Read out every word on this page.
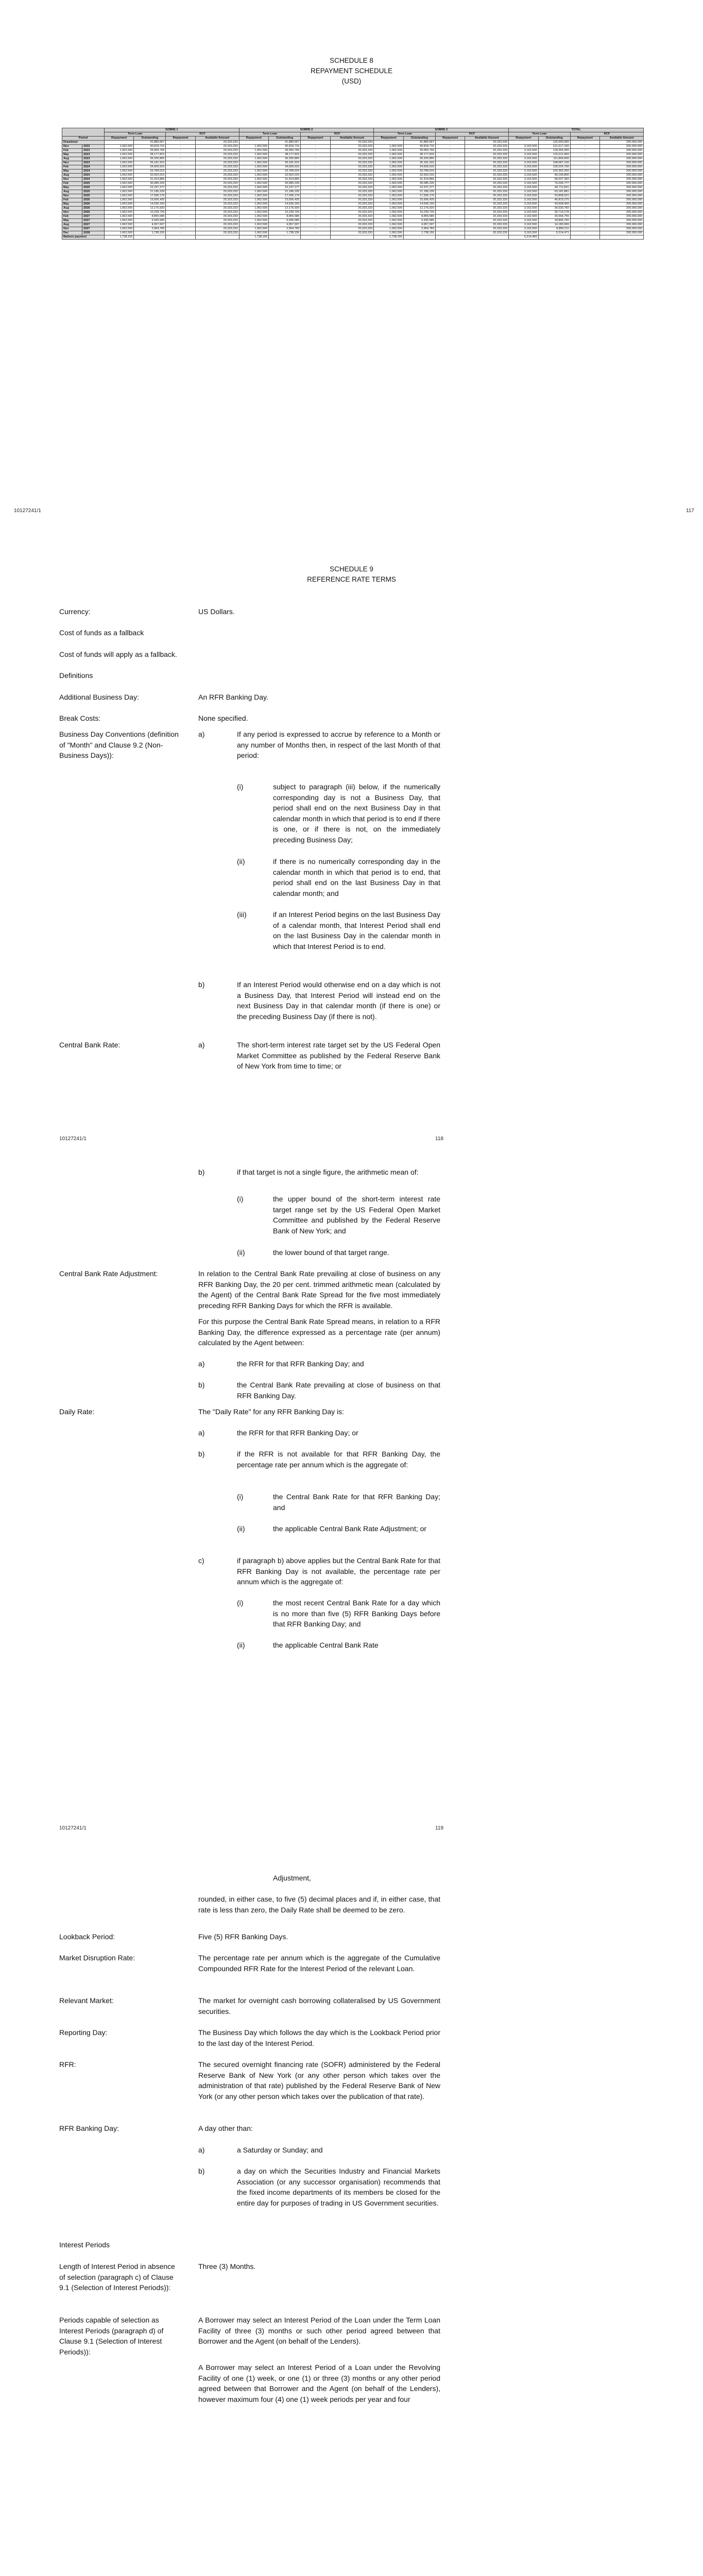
SCHEDULE 8
REPAYMENT SCHEDULE
(USD)
		SOBRE 1				SOBRE 2				SOBRE 3				TOTAL			
		Term Loan		RCF		Term Loan		RCF		Term Loan		RCF		Term Loan		RCF	
Period		Repayment	Outstanding	Repayment	Available Amount	Repayment	Outstanding	Repayment	Available Amount	Repayment	Outstanding	Repayment	Available Amount	Repayment	Outstanding	Repayment	Available Amount
Drawdown			41,880,667	-	20,333,333		41,880,667	-	20,333,333		41,880,667	-	20,333,333		125,000,000	-	200,000,000
Nov	2022	1,062,500	40,818,716	-	20,333,333	1,062,500	40,818,716	-	20,333,333	1,062,500	40,818,716	-	20,333,333	3,162,500	121,517,150	-	200,000,000
Feb	2023	1,062,500	39,956,766	-	20,333,333	1,062,500	39,956,766	-	20,333,333	1,062,500	39,956,766	-	20,333,333	3,162,500	118,355,300	-	200,000,000
May	2023	1,062,500	38,177,815	-	20,333,333	1,062,500	38,177,815	-	20,333,333	1,062,500	38,177,815	-	20,333,333	3,162,500	115,012,450	-	200,000,000
Aug	2023	1,062,500	36,326,865	-	20,333,333	1,062,500	36,326,865	-	20,333,333	1,062,500	36,326,865	-	20,333,333	3,162,500	111,849,600	-	200,000,000
Nov	2023	1,062,500	35,181,915	-	20,333,333	1,062,500	35,181,915	-	20,333,333	1,062,500	35,181,915	-	20,333,333	3,162,500	108,687,150	-	200,000,000
Feb	2024	1,062,500	34,609,915	-	20,333,333	1,062,500	34,609,915	-	20,333,333	1,062,500	34,609,915	-	20,333,333	3,162,500	105,524,700	-	200,000,000
May	2024	1,062,500	33,789,015	-	20,333,333	1,062,500	33,789,015	-	20,333,333	1,062,500	33,789,015	-	20,333,333	3,162,500	102,362,250	-	200,000,000
Aug	2024	1,062,500	32,502,015	-	20,333,333	1,062,500	32,502,015	-	20,333,333	1,062,500	32,502,015	-	20,333,333	3,162,500	99,199,800	-	200,000,000
Nov	2024	1,062,500	31,414,865	-	20,333,333	1,062,500	31,414,865	-	20,333,333	1,062,500	31,414,865	-	20,333,333	3,162,500	96,037,350	-	200,000,000
Feb	2025	1,062,500	30,085,226	-	20,333,333	1,062,500	30,085,226	-	20,333,333	1,062,500	30,085,226	-	20,333,333	3,162,500	79,245,777	-	200,000,000
May	2025	1,062,500	22,237,277	-	20,333,333	1,062,500	22,237,277	-	20,333,333	1,062,500	22,237,277	-	20,333,333	3,162,500	66,711,831	-	200,000,000
Aug	2025	1,062,500	21,186,226	-	20,333,333	1,062,500	21,186,226	-	20,333,333	1,062,500	21,186,226	-	20,333,333	3,162,500	63,181,881	-	200,000,000
Nov	2025	1,062,500	17,936,176	-	20,333,333	1,062,500	17,936,176	-	20,333,333	1,062,500	17,936,176	-	20,333,333	3,162,500	53,808,531	-	200,000,000
Feb	2026	1,062,500	15,606,425	-	20,333,333	1,062,500	15,606,425	-	20,333,333	1,062,500	15,606,425	-	20,333,333	3,162,500	46,819,275	-	200,000,000
May	2026	1,062,500	14,536,150	-	20,333,333	1,062,500	14,536,150	-	20,333,333	1,062,500	14,536,150	-	20,333,333	3,162,500	43,608,450	-	200,000,000
Aug	2026	1,062,500	12,176,920	-	20,333,333	1,062,500	12,176,920	-	20,333,333	1,062,500	12,176,920	-	20,333,333	3,162,500	36,530,760	-	200,000,000
Nov	2026	1,062,500	10,239,726	-	20,333,333	1,062,500	10,239,726	-	20,333,333	1,062,500	10,239,726	-	20,333,333	3,162,500	30,719,178	-	200,000,000
Feb	2027	1,062,500	8,855,585	-	20,333,333	1,062,500	8,855,585	-	20,333,333	1,062,500	8,855,585	-	20,333,333	3,162,500	26,566,755	-	200,000,000
May	2027	1,062,500	6,935,585	-	20,333,333	1,062,500	6,935,585	-	20,333,333	1,062,500	6,935,585	-	20,333,333	3,162,500	18,806,755	-	200,000,000
Aug	2027	1,062,500	4,957,007	-	20,333,333	1,062,500	4,957,007	-	20,333,333	1,062,500	4,957,007	-	20,333,333	3,162,500	14,180,999	-	200,000,000
Nov	2027	1,062,500	2,964,783	-	20,333,333	1,062,500	2,964,783	-	20,333,333	1,062,500	2,964,783	-	20,333,333	3,162,500	8,894,211	-	200,000,000
Dec	2028	1,062,500	1,738,155	-	20,333,333	1,062,500	1,738,155	-	20,333,333	1,062,500	1,738,155	-	20,333,333	3,162,500	5,214,471	-	200,000,000
Balloon payment		1,738,155	-			1,738,155	-			1,738,155	-			5,214,465	-		
10127241/1	117
SCHEDULE 9
REFERENCE RATE TERMS
Currency:	US Dollars.
Cost of funds as a fallback
Cost of funds will apply as a fallback.
Definitions
Additional Business Day:	An RFR Banking Day.
Break Costs:	None specified.
Business Day Conventions (definition of "Month" and Clause 9.2 (Non-Business Days)):
a)	If any period is expressed to accrue by reference to a Month or any number of Months then, in respect of the last Month of that period:
(i)	subject to paragraph (iii) below, if the numerically corresponding day is not a Business Day, that period shall end on the next Business Day in that calendar month in which that period is to end if there is one, or if there is not, on the immediately preceding Business Day;
(ii)	if there is no numerically corresponding day in the calendar month in which that period is to end, that period shall end on the last Business Day in that calendar month; and
(iii)	if an Interest Period begins on the last Business Day of a calendar month, that Interest Period shall end on the last Business Day in the calendar month in which that Interest Period is to end.
b)	If an Interest Period would otherwise end on a day which is not a Business Day, that Interest Period will instead end on the next Business Day in that calendar month (if there is one) or the preceding Business Day (if there is not).
Central Bank Rate:	a)	The short-term interest rate target set by the US Federal Open Market Committee as published by the Federal Reserve Bank of New York from time to time; or
10127241/1	118
b)	if that target is not a single figure, the arithmetic mean of:
(i)	the upper bound of the short-term interest rate target range set by the US Federal Open Market Committee and published by the Federal Reserve Bank of New York; and
(ii)	the lower bound of that target range.
Central Bank Rate Adjustment:	In relation to the Central Bank Rate prevailing at close of business on any RFR Banking Day, the 20 per cent. trimmed arithmetic mean (calculated by the Agent) of the Central Bank Rate Spread for the five most immediately preceding RFR Banking Days for which the RFR is available.
For this purpose the Central Bank Rate Spread means, in relation to a RFR Banking Day, the difference expressed as a percentage rate (per annum) calculated by the Agent between:
a)	the RFR for that RFR Banking Day; and
b)	the Central Bank Rate prevailing at close of business on that RFR Banking Day.
Daily Rate:	The "Daily Rate" for any RFR Banking Day is:
a)	the RFR for that RFR Banking Day; or
b)	if the RFR is not available for that RFR Banking Day, the percentage rate per annum which is the aggregate of:
(i)	the Central Bank Rate for that RFR Banking Day; and
(ii)	the applicable Central Bank Rate Adjustment; or
c)	if paragraph b) above applies but the Central Bank Rate for that RFR Banking Day is not available, the percentage rate per annum which is the aggregate of:
(i)	the most recent Central Bank Rate for a day which is no more than five (5) RFR Banking Days before that RFR Banking Day; and
(ii)	the applicable Central Bank Rate
10127241/1	119
Adjustment,
rounded, in either case, to five (5) decimal places and if, in either case, that rate is less than zero, the Daily Rate shall be deemed to be zero.
Lookback Period:	Five (5) RFR Banking Days.
Market Disruption Rate:	The percentage rate per annum which is the aggregate of the Cumulative Compounded RFR Rate for the Interest Period of the relevant Loan.
Relevant Market:	The market for overnight cash borrowing collateralised by US Government securities.
Reporting Day:	The Business Day which follows the day which is the Lookback Period prior to the last day of the Interest Period.
RFR:	The secured overnight financing rate (SOFR) administered by the Federal Reserve Bank of New York (or any other person which takes over the administration of that rate) published by the Federal Reserve Bank of New York (or any other person which takes over the publication of that rate).
RFR Banking Day:	A day other than:
a)	a Saturday or Sunday; and
b)	a day on which the Securities Industry and Financial Markets Association (or any successor organisation) recommends that the fixed income departments of its members be closed for the entire day for purposes of trading in US Government securities.
Interest Periods
Length of Interest Period in absence of selection (paragraph c) of Clause 9.1 (Selection of Interest Periods)):
Three (3) Months.
Periods capable of selection as Interest Periods (paragraph d) of Clause 9.1 (Selection of Interest Periods)):
A Borrower may select an Interest Period of the Loan under the Term Loan Facility of three (3) months or such other period agreed between that Borrower and the Agent (on behalf of the Lenders).
A Borrower may select an Interest Period of a Loan under the Revolving Facility of one (1) week, or one (1) or three (3) months or any other period agreed between that Borrower and the Agent (on behalf of the Lenders), however maximum four (4) one (1) week periods per year and four
